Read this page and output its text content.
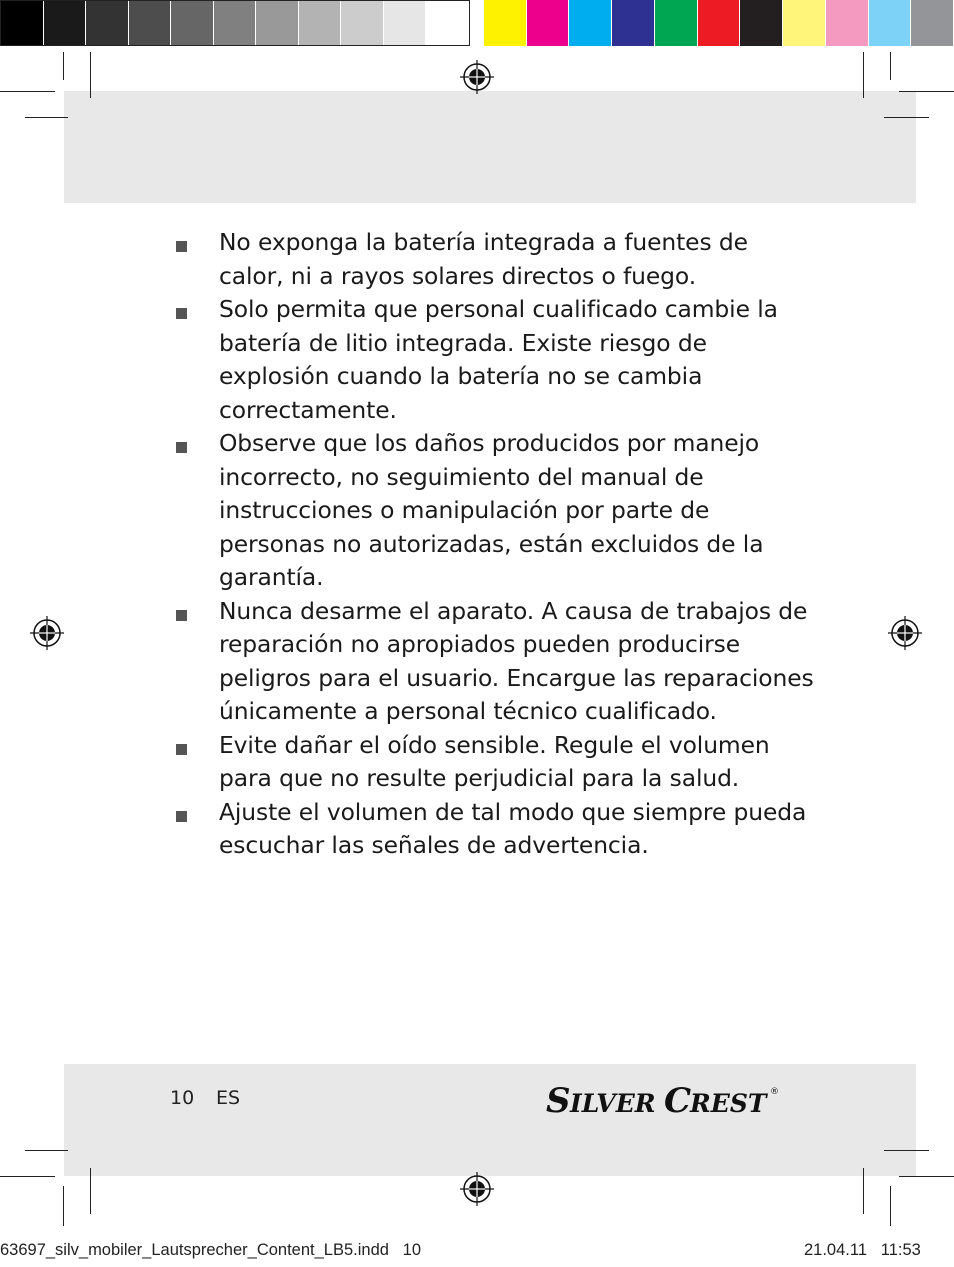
No exponga la batería integrada a fuentes de calor, ni a rayos solares directos o fuego.
Solo permita que personal cualificado cambie la batería de litio integrada. Existe riesgo de explosión cuando la batería no se cambia correctamente.
Observe que los daños producidos por manejo incorrecto, no seguimiento del manual de instrucciones o manipulación por parte de personas no autorizadas, están excluidos de la garantía.
Nunca desarme el aparato. A causa de trabajos de reparación no apropiados pueden producirse peligros para el usuario. Encargue las reparaciones únicamente a personal técnico cualificado.
Evite dañar el oído sensible. Regule el volumen para que no resulte perjudicial para la salud.
Ajuste el volumen de tal modo que siempre pueda escuchar las señales de advertencia.
10 ES	S ILVER C
REST ®
63697_silv_mobiler_Lautsprecher_Content_LB5.indd   10	21.04.11   11:53
